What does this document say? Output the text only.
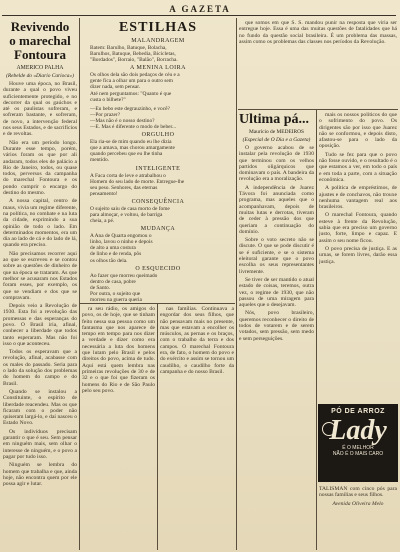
A GAZETA
Revivendo
o marechal
Fontoura
AMERICO PALHA
(Rebelde do «Diario Carioca»)

Houve uma época, no Brasil, durante a qual o povo viveu suficientemente protegido, e no decorrer da qual os gaúchos e até os paulistas sofreram, e sofreram bastante, e sofreram, de novo, a intervenção federal nos seus Estados, e de sacrifícios e de revoltas.

Não era um período longo. Durante esse tempo, porém, vários foram os que por ali andaram, todos eles de palácio a Rio de Janeiro, todos, ou quase todos, perversos da campanha do marechal Fontoura e os pondo cumprir o encargo do destino do mesmo.

A nossa capital, centro de maus, vivia um regime diferente, na política, no combate e na luta da cidade, exprimindo a sua opinião de todo o lado. Em determinados momentos, era um dia ao lado de cá e do lado de lá, quando era preciso.

Não precisamos recorrer aqui ao que se escreveu e se contou sobre as questões de dinheiro de que na época se trataram. As que melhor se acusaram nos Estados foram esses, por exemplo, os que se vendiam e dos que se compravam.

Depois veio a Revolução de 1930. Esta foi a revolução das promessas e das esperanças do povo. O Brasil iria, afinal, conhecer a liberdade que todos tanto esperaram. Mas não foi isso o que aconteceu.

Todos os esperavam que a revolução, afinal, acabasse com os males do passado. Seria para o lado da solução dos problemas do homem do campo e do Brasil.

Quando se instalou a Constituinte, o espírito de liberdade reacendeu. Mas os que ficaram com o poder não quiseram largá-lo, e daí nasceu o Estado Novo.

Os indivíduos precisam garantir o que é seu. Sem pensar em ninguém mais, sem olhar o interesse de ninguém, e o povo a pagar por tudo isso.

Ninguém se lembra do homem que trabalha e que, ainda hoje, não encontra quem por ele possa agir e lutar.

ESTILHAS
MALANDRAGEM
Batem: Barulho, Batuque, Bolacha,
Barulhos, Batuque, Bebedia, Bicicletas,
"Bordados", Borraio, "Balão", Borracha.
A MENINA LOIRA
Os olhos dela são dois pedaços de céu e a
gente fica a olhar um para o outro sem
dizer nada, sem pensar.
Até nem perguntamos: "Quanto é que
custa o bilhete?"
—Eu bebo este degrauzinho, e você?
—Por prazer?
—Mas não é o nosso destino?
—E. Mas é diferente o modo de beber...
ORGULHO
Ela ria-se de mim quando eu lhe dizia
que a amava, mas chorou amargamente
quando percebeu que eu lhe tinha
mentido.
INTELIGENTE
A Faca corta de leve e atrabalhou o
Homem do seu lado de morte. Entregue-lhe
seu peso. Senhores, das eternas
pensamento!
CONSEQUÊNCIA
O sujeito saiu de casa morto de fome
para almoçar, e voltou, de barriga
cheia, a pé.
MUDANÇA
A Ana de Quarta engomou o
linho, lavou o ninho e depois
de alto a uma costura
de linho e de renda, pôs
os olhos tão dela.
O ESQUECIDO
Ao fazer que morreu queimado
dentro de casa, pobre
de Santo.
Por outra, o sujeito que
morreu na guerra queria

ra seu rádio, os amigos do povo, os de hoje, que se tinham feito nessa sua pessoa como um fantasma que nos aparece de tempo em tempo para nos dizer a verdade e dizer como era necessária a luta dos homens que lutam pelo Brasil e pelos direitos do povo, acima de tudo. Aqui está quem lembra nas primeiras revoluções de 30 e de 32 e o que foi que fizeram os homens do Rio e de São Paulo pelo seu povo.

nas famílias. Continuava a engordar dos seus filhos, que não pensavam mais no presente, mas que estavam a encolher os músculos, as pernas e os braços, com o trabalho da terra e dos campos. O marechal Fontoura era, de fato, o homem do povo e do exército e assim se tornou um caudilho, o caudilho forte da campanha e do nosso Brasil.

que somos em que S. S. mandou punir na resposta que viria ser entregue hoje. Essa é uma das muitas questões de fatalidades que há no fundo da questão social brasileira. É um problema das massas, assim como os problemas das classes nos períodos da Revolução.

Ultima pá...
Maurício de MEDEIROS
(Especial de O Dia e a Gazeta)

O governo acabou de se instalar pela revolução de 1930 que terminou com os velhos partidos oligárquicos que dominavam o país. A bandeira da revolução era a moralização.

A independência de Juarez Távora foi anunciada como programa, mas aqueles que o acompanhavam, depois de muitas lutas e derrotas, tiveram de ceder à pressão dos que queriam a continuação do domínio.

Sobre o voto secreto não se discute. O que se pode discutir é se é suficiente, e se o sistema eleitoral garante que o povo escolha os seus representantes livremente.

Se tiver de ser mantido o atual estado de coisas, teremos, outra vez, o regime de 1930, que não passou de uma miragem para aqueles que o desejavam.

Nós, povo brasileiro, queremos reconhecer o direito de todos de votarem e de serem votados, sem pressão, sem medo e sem perseguições.

mais os nossos políticos do que o sofrimento do povo. Os dirigentes são por isso que Juarez não se conformou, e depois disto, afastou-se para o lado da oposição.

Tudo se fez para que o povo não fosse ouvido, e o resultado é o que estamos a ver, em todo o país e em toda a parte, com a situação econômica.

A política de empréstimos, de ajustes e de conchavos, não trouxe nenhuma vantagem real aos brasileiros.

O marechal Fontoura, quando esteve à frente da Revolução, sabia que era preciso um governo justo, forte, limpo e capaz. E assim o seu nome ficou.

O povo precisa de justiça. E as urnas, se forem livres, darão essa justiça.

PÓ DE ARROZ
Lady
É O MELHOR
NÃO É O MAIS CARO

TALISMAN com cinco pós para nossas famílias e seus filhos.

Avenida Oliveira Melo
